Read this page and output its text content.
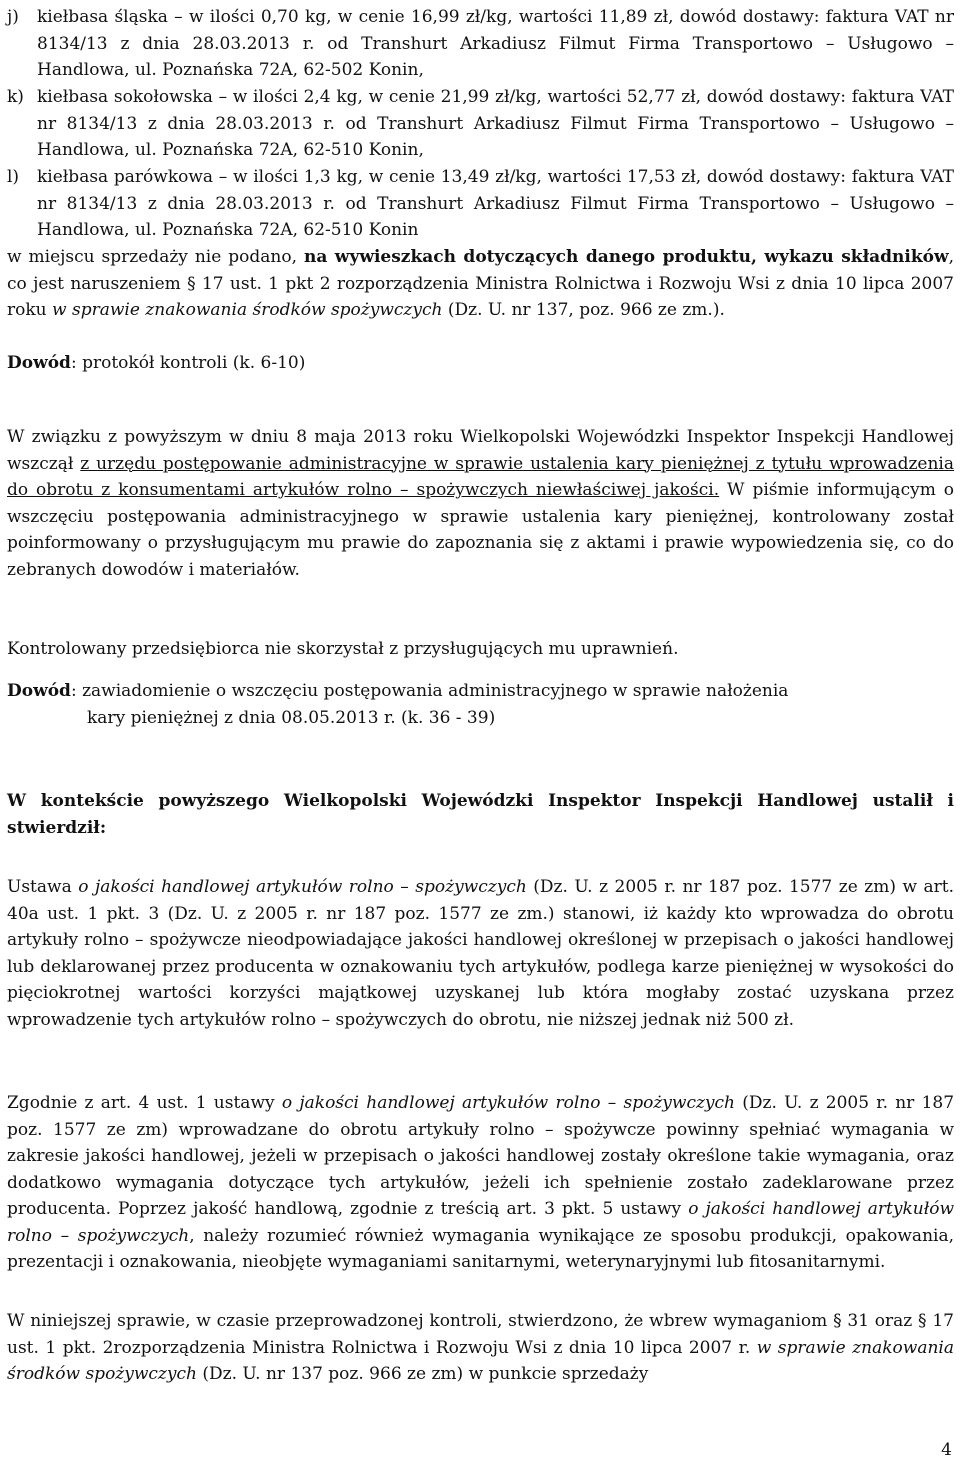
j) kiełbasa śląska – w ilości 0,70 kg, w cenie 16,99 zł/kg, wartości 11,89 zł, dowód dostawy: faktura VAT nr 8134/13 z dnia 28.03.2013 r. od Transhurt Arkadiusz Filmut Firma Transportowo – Usługowo – Handlowa, ul. Poznańska 72A, 62-502 Konin,
k) kiełbasa sokołowska – w ilości 2,4 kg, w cenie 21,99 zł/kg, wartości 52,77 zł, dowód dostawy: faktura VAT nr 8134/13 z dnia 28.03.2013 r. od Transhurt Arkadiusz Filmut Firma Transportowo – Usługowo – Handlowa, ul. Poznańska 72A, 62-510 Konin,
l) kiełbasa parówkowa – w ilości 1,3 kg, w cenie 13,49 zł/kg, wartości 17,53 zł, dowód dostawy: faktura VAT nr 8134/13 z dnia 28.03.2013 r. od Transhurt Arkadiusz Filmut Firma Transportowo – Usługowo – Handlowa, ul. Poznańska 72A, 62-510 Konin

w miejscu sprzedaży nie podano, na wywieszkach dotyczących danego produktu, wykazu składników, co jest naruszeniem § 17 ust. 1 pkt 2 rozporządzenia Ministra Rolnictwa i Rozwoju Wsi z dnia 10 lipca 2007 roku w sprawie znakowania środków spożywczych (Dz. U. nr 137, poz. 966 ze zm.).

Dowód: protokół kontroli (k. 6-10)

W związku z powyższym w dniu 8 maja 2013 roku Wielkopolski Wojewódzki Inspektor Inspekcji Handlowej wszczął z urzędu postępowanie administracyjne w sprawie ustalenia kary pieniężnej z tytułu wprowadzenia do obrotu z konsumentami artykułów rolno – spożywczych niewłaściwej jakości. W piśmie informującym o wszczęciu postępowania administracyjnego w sprawie ustalenia kary pieniężnej, kontrolowany został poinformowany o przysługującym mu prawie do zapoznania się z aktami i prawie wypowiedzenia się, co do zebranych dowodów i materiałów.

Kontrolowany przedsiębiorca nie skorzystał z przysługujących mu uprawnień.

Dowód: zawiadomienie o wszczęciu postępowania administracyjnego w sprawie nałożenia
kary pieniężnej z dnia 08.05.2013 r. (k. 36 - 39)

W kontekście powyższego Wielkopolski Wojewódzki Inspektor Inspekcji Handlowej ustalił i stwierdził:

Ustawa o jakości handlowej artykułów rolno – spożywczych (Dz. U. z 2005 r. nr 187 poz. 1577 ze zm) w art. 40a ust. 1 pkt. 3 (Dz. U. z 2005 r. nr 187 poz. 1577 ze zm.) stanowi, iż każdy kto wprowadza do obrotu artykuły rolno – spożywcze nieodpowiadające jakości handlowej określonej w przepisach o jakości handlowej lub deklarowanej przez producenta w oznakowaniu tych artykułów, podlega karze pieniężnej w wysokości do pięciokrotnej wartości korzyści majątkowej uzyskanej lub która mogłaby zostać uzyskana przez wprowadzenie tych artykułów rolno – spożywczych do obrotu, nie niższej jednak niż 500 zł.

Zgodnie z art. 4 ust. 1 ustawy o jakości handlowej artykułów rolno – spożywczych (Dz. U. z 2005 r. nr 187 poz. 1577 ze zm) wprowadzane do obrotu artykuły rolno – spożywcze powinny spełniać wymagania w zakresie jakości handlowej, jeżeli w przepisach o jakości handlowej zostały określone takie wymagania, oraz dodatkowo wymagania dotyczące tych artykułów, jeżeli ich spełnienie zostało zadeklarowane przez producenta. Poprzez jakość handlową, zgodnie z treścią art. 3 pkt. 5 ustawy o jakości handlowej artykułów rolno – spożywczych, należy rozumieć również wymagania wynikające ze sposobu produkcji, opakowania, prezentacji i oznakowania, nieobjęte wymaganiami sanitarnymi, weterynaryjnymi lub fitosanitarnymi.

W niniejszej sprawie, w czasie przeprowadzonej kontroli, stwierdzono, że wbrew wymaganiom § 31 oraz § 17 ust. 1 pkt. 2rozporządzenia Ministra Rolnictwa i Rozwoju Wsi z dnia 10 lipca 2007 r. w sprawie znakowania środków spożywczych (Dz. U. nr 137 poz. 966 ze zm) w punkcie sprzedaży

4
